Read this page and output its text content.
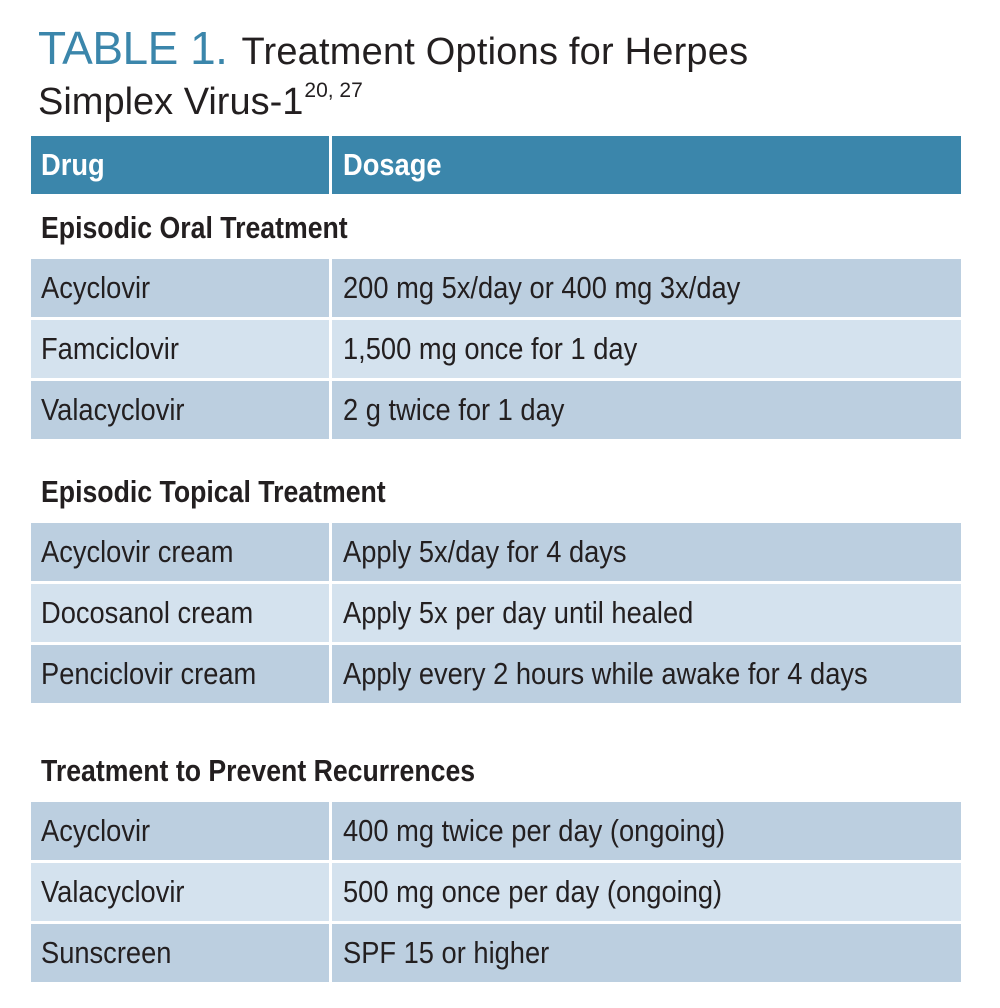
TABLE 1. Treatment Options for Herpes
Simplex Virus-1$^{20, 27}$
Drug	Dosage
Episodic Oral Treatment
Acyclovir	200 mg 5x/day or 400 mg 3x/day
Famciclovir	1,500 mg once for 1 day
Valacyclovir	2 g twice for 1 day
Episodic Topical Treatment
Acyclovir cream	Apply 5x/day for 4 days
Docosanol cream	Apply 5x per day until healed
Penciclovir cream	Apply every 2 hours while awake for 4 days
Treatment to Prevent Recurrences
Acyclovir	400 mg twice per day (ongoing)
Valacyclovir	500 mg once per day (ongoing)
Sunscreen	SPF 15 or higher
